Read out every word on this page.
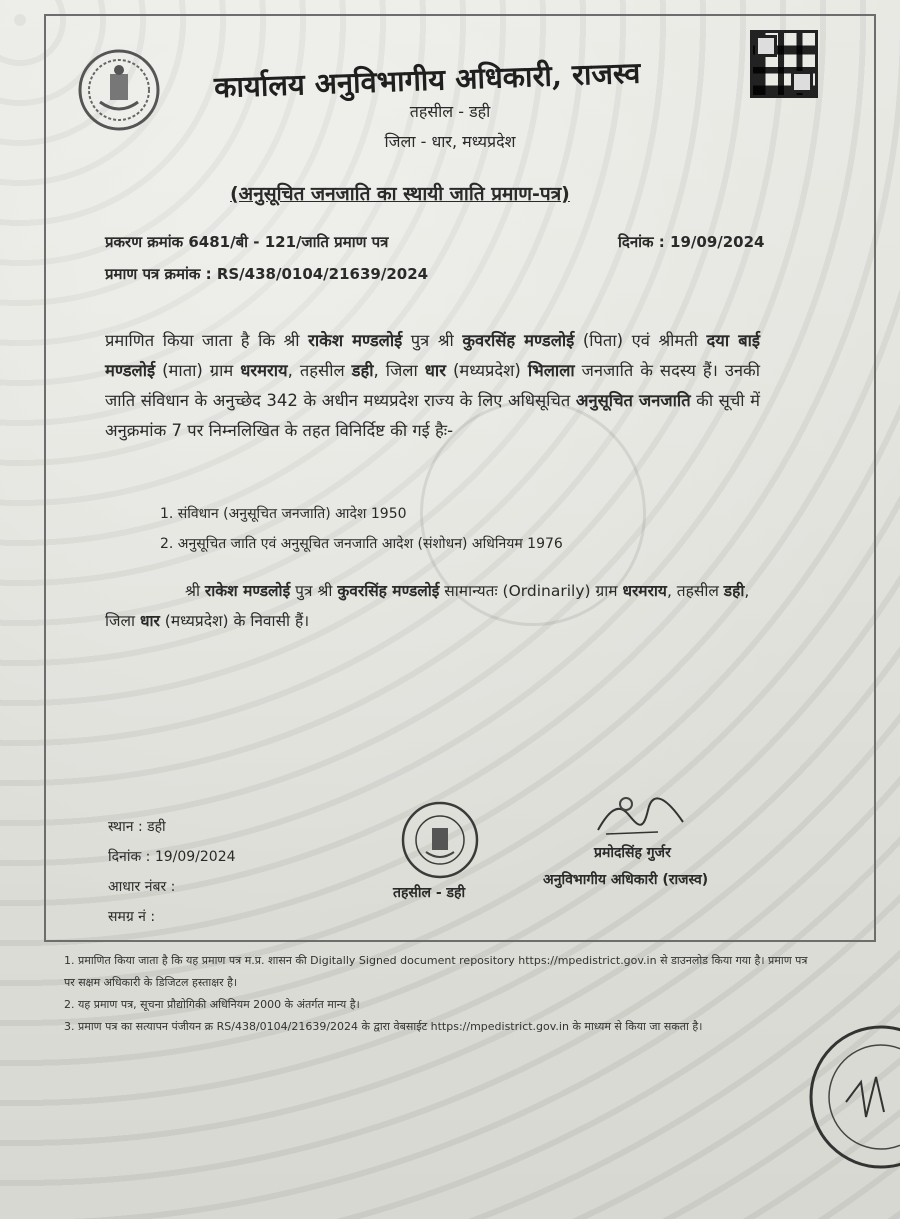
कार्यालय अनुविभागीय अधिकारी, राजस्व
तहसील - डही
जिला - धार, मध्यप्रदेश
(अनुसूचित जनजाति का स्थायी जाति प्रमाण-पत्र)
प्रकरण क्रमांक 6481/बी - 121/जाति प्रमाण पत्र	दिनांक : 19/09/2024
प्रमाण पत्र क्रमांक : RS/438/0104/21639/2024
प्रमाणित किया जाता है कि श्री राकेश मण्डलोई पुत्र श्री कुवरसिंह मण्डलोई (पिता) एवं श्रीमती दया बाई मण्डलोई (माता) ग्राम धरमराय, तहसील डही, जिला धार (मध्यप्रदेश) भिलाला जनजाति के सदस्य हैं। उनकी जाति संविधान के अनुच्छेद 342 के अधीन मध्यप्रदेश राज्य के लिए अधिसूचित अनुसूचित जनजाति की सूची में अनुक्रमांक 7 पर निम्नलिखित के तहत विनिर्दिष्ट की गई हैः-
1. संविधान (अनुसूचित जनजाति) आदेश 1950
2. अनुसूचित जाति एवं अनुसूचित जनजाति आदेश (संशोधन) अधिनियम 1976
श्री राकेश मण्डलोई पुत्र श्री कुवरसिंह मण्डलोई सामान्यतः (Ordinarily) ग्राम धरमराय, तहसील डही, जिला धार (मध्यप्रदेश) के निवासी हैं।
स्थान : डही
दिनांक : 19/09/2024
आधार नंबर :
समग्र नं :
तहसील - डही
प्रमोदसिंह गुर्जर
अनुविभागीय अधिकारी (राजस्व)
1. प्रमाणित किया जाता है कि यह प्रमाण पत्र म.प्र. शासन की Digitally Signed document repository https://mpedistrict.gov.in से डाउनलोड किया गया है। प्रमाण पत्र
पर सक्षम अधिकारी के डिजिटल हस्ताक्षर है।
2. यह प्रमाण पत्र, सूचना प्रौद्योगिकी अधिनियम 2000 के अंतर्गत मान्य है।
3. प्रमाण पत्र का सत्यापन पंजीयन क्र RS/438/0104/21639/2024 के द्वारा वेबसाईट https://mpedistrict.gov.in के माध्यम से किया जा सकता है।
